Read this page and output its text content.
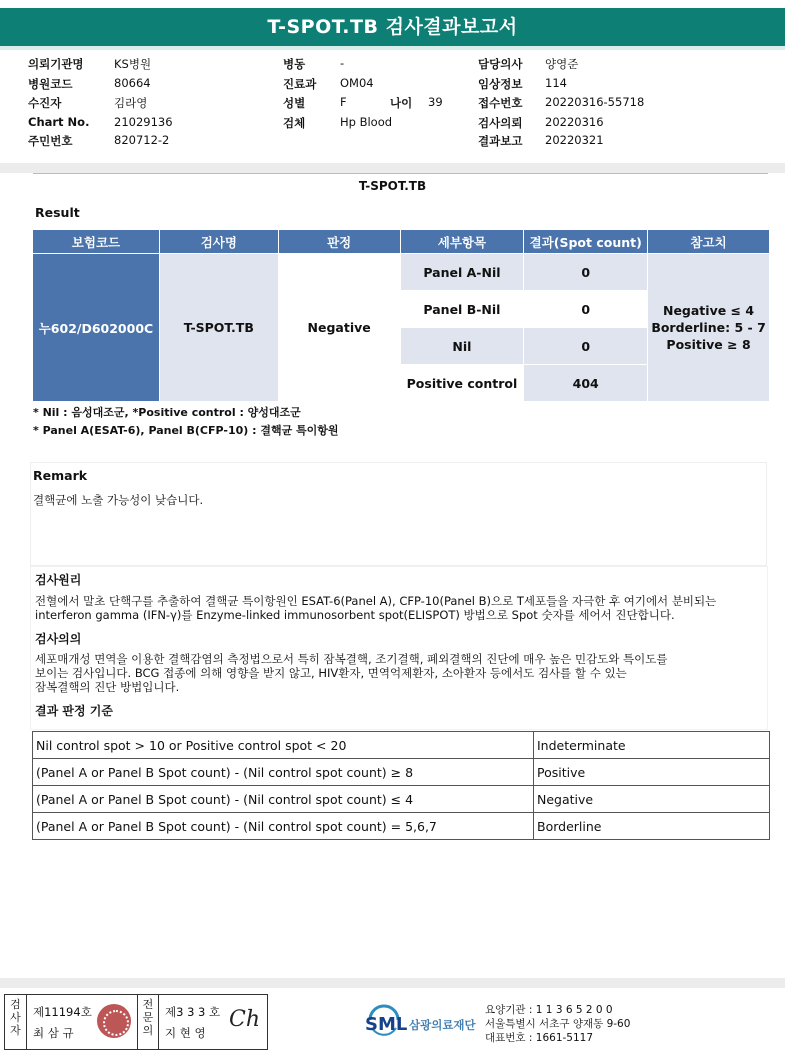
T-SPOT.TB 검사결과보고서
의뢰기관명	KS병원	병동	-	담당의사 양영준
병원코드	80664	진료과 OM04	임상정보 114
수진자	김라영	성별	F	나이 39	접수번호 20220316-55718
Chart No. 21029136	검체	Hp Blood	검사의뢰 20220316
주민번호	820712-2	결과보고 20220321
T-SPOT.TB
Result
보험코드	검사명	판정	세부항목	결과(Spot count)	참고치
누602/D602000C	T-SPOT.TB	Negative	Panel A-Nil	0	Negative ≤ 4
Borderline: 5 - 7
Positive ≥ 8

			Panel B-Nil	0	
			Nil	0	
			Positive control	404	
* Nil : 음성대조군, *Positive control : 양성대조군
* Panel A(ESAT-6), Panel B(CFP-10) : 결핵균 특이항원
Remark
결핵균에 노출 가능성이 낮습니다.
검사원리
전혈에서 말초 단핵구를 추출하여 결핵균 특이항원인 ESAT-6(Panel A), CFP-10(Panel B)으로 T세포들을 자극한 후 여기에서 분비되는
interferon gamma (IFN-γ)를 Enzyme-linked immunosorbent spot(ELISPOT) 방법으로 Spot 숫자를 세어서 진단합니다.
검사의의
세포매개성 면역을 이용한 결핵감염의 측정법으로서 특히 잠복결핵, 조기결핵, 폐외결핵의 진단에 매우 높은 민감도와 특이도를
보이는 검사입니다. BCG 접종에 의해 영향을 받지 않고, HIV환자, 면역억제환자, 소아환자 등에서도 검사를 할 수 있는
잠복결핵의 진단 방법입니다.
결과 판정 기준
Nil control spot > 10 or Positive control spot < 20	Indeterminate
(Panel A or Panel B Spot count) - (Nil control spot count) ≥ 8	Positive
(Panel A or Panel B Spot count) - (Nil control spot count) ≤ 4	Negative
(Panel A or Panel B Spot count) - (Nil control spot count) = 5,6,7	Borderline
검사자
제11194호
최 삼 규
전문의
제3 3 3 호
지 현 영
Ch	SML 삼광의료재단
요양기관 : 1 1 3 6 5 2 0 0
서울특별시 서초구 양재동 9-60
대표번호 : 1661-5117
